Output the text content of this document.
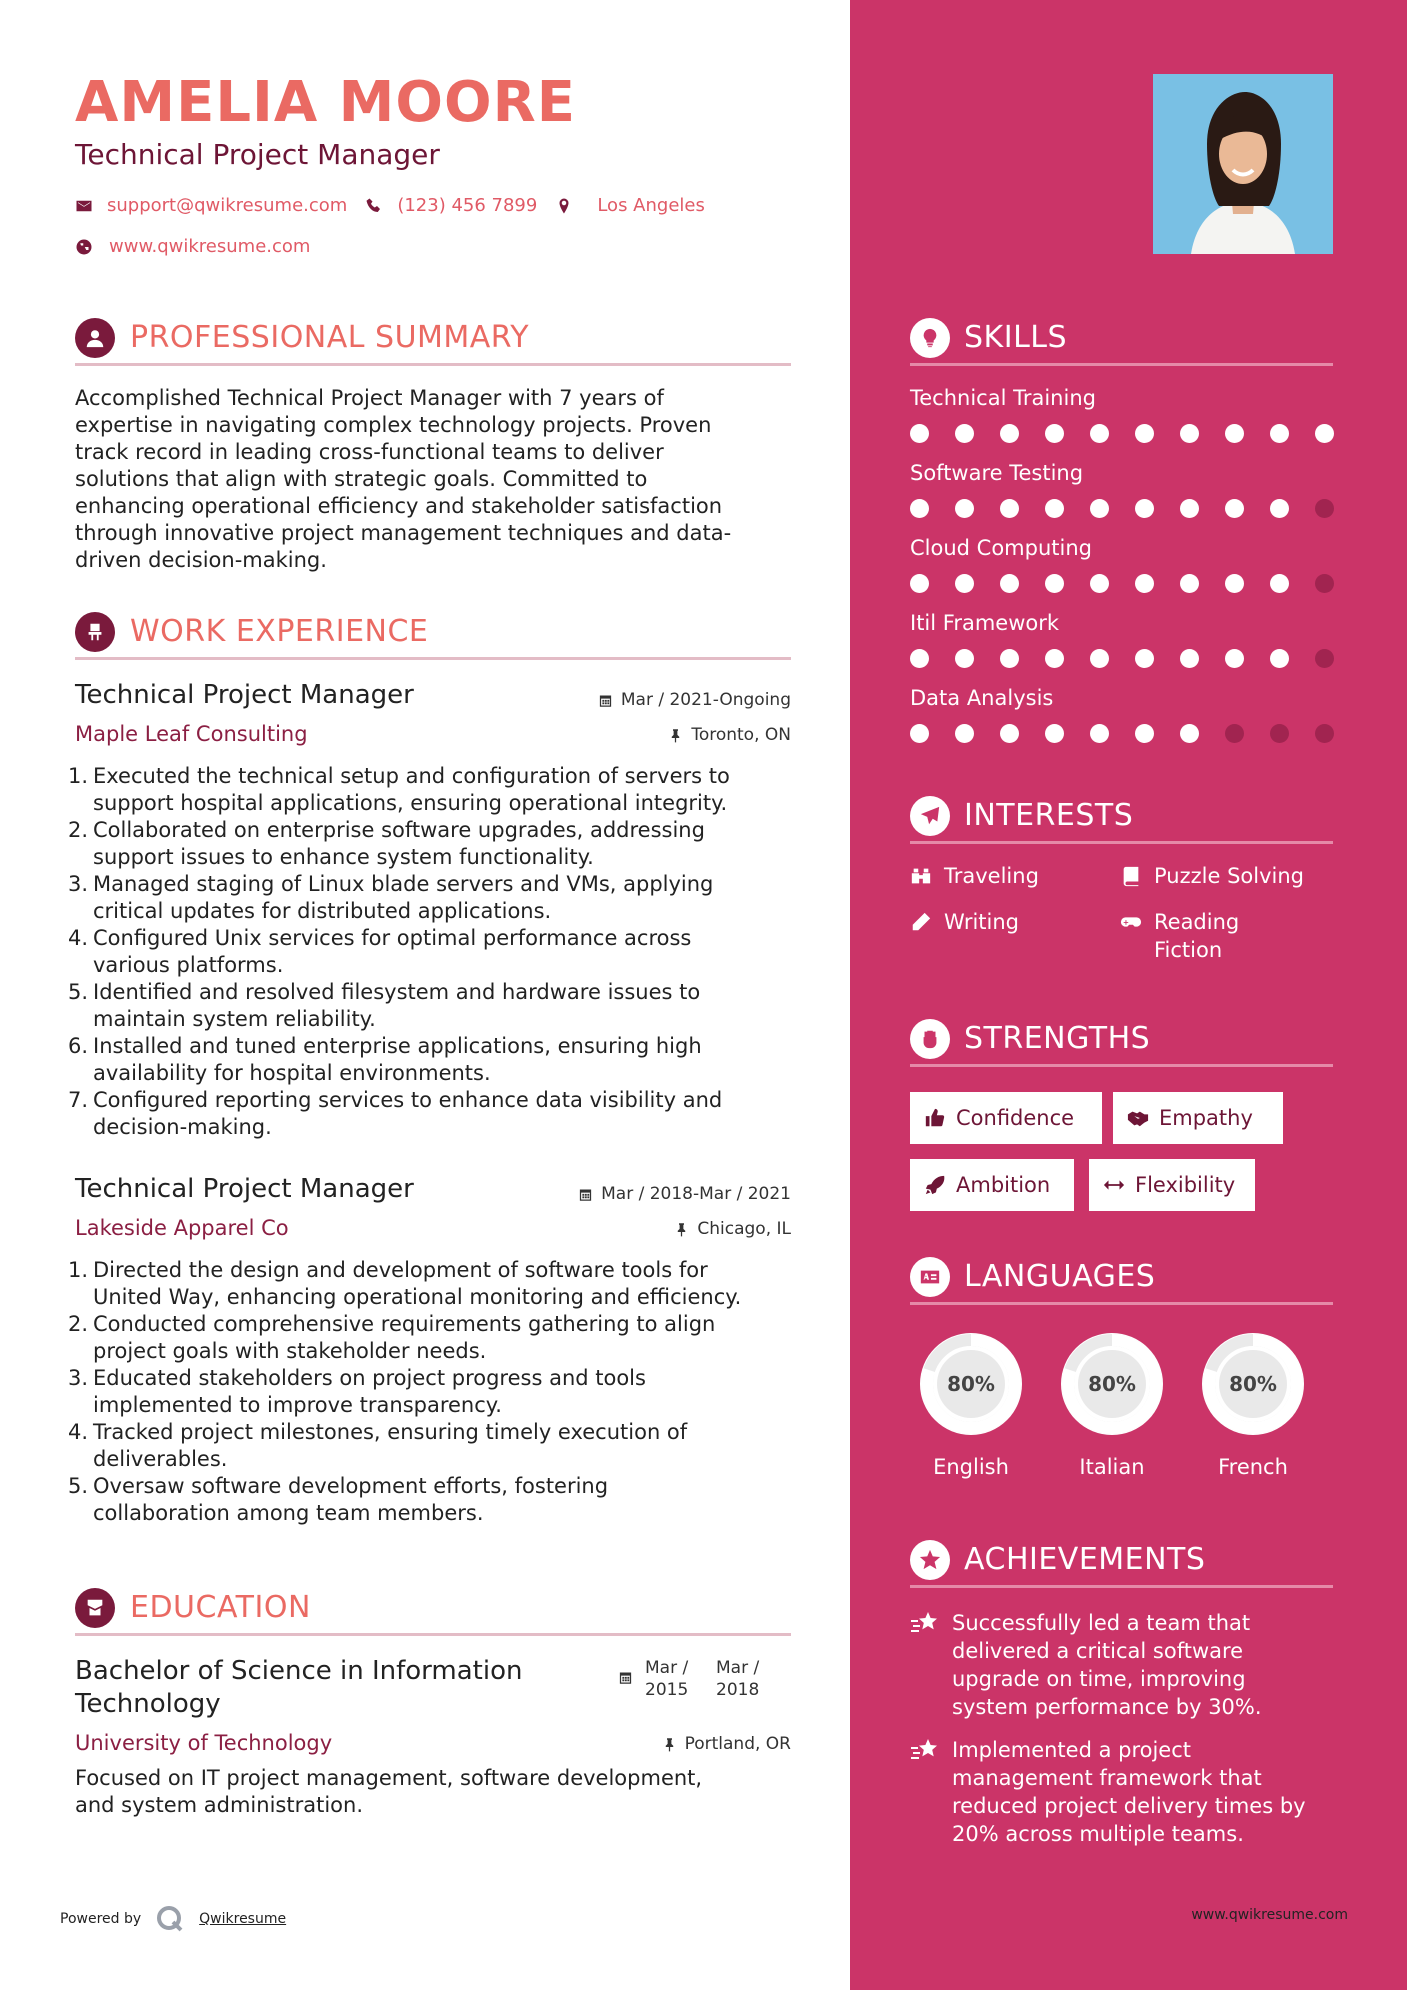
AMELIA MOORE
Technical Project Manager
support@qwikresume.com	(123) 456 7899	Los Angeles
www.qwikresume.com
PROFESSIONAL SUMMARY
Accomplished Technical Project Manager with 7 years of
expertise in navigating complex technology projects. Proven
track record in leading cross-functional teams to deliver
solutions that align with strategic goals. Committed to
enhancing operational efficiency and stakeholder satisfaction
through innovative project management techniques and data-
driven decision-making.
WORK EXPERIENCE
Technical Project Manager	Mar / 2021-Ongoing
Maple Leaf Consulting	Toronto, ON
1. Executed the technical setup and configuration of servers to
support hospital applications, ensuring operational integrity.
2. Collaborated on enterprise software upgrades, addressing
support issues to enhance system functionality.
3. Managed staging of Linux blade servers and VMs, applying
critical updates for distributed applications.
4. Configured Unix services for optimal performance across
various platforms.
5. Identified and resolved filesystem and hardware issues to
maintain system reliability.
6. Installed and tuned enterprise applications, ensuring high
availability for hospital environments.
7. Configured reporting services to enhance data visibility and
decision-making.
Technical Project Manager	Mar / 2018-Mar / 2021
Lakeside Apparel Co	Chicago, IL
1. Directed the design and development of software tools for
United Way, enhancing operational monitoring and efficiency.
2. Conducted comprehensive requirements gathering to align
project goals with stakeholder needs.
3. Educated stakeholders on project progress and tools
implemented to improve transparency.
4. Tracked project milestones, ensuring timely execution of
deliverables.
5. Oversaw software development efforts, fostering
collaboration among team members.
EDUCATION
Bachelor of Science in Information
Technology
Mar /
2015
Mar /
2018
University of Technology	Portland, OR
Focused on IT project management, software development,
and system administration.
Powered by	Qwikresume
SKILLS
Technical Training
Software Testing
Cloud Computing
Itil Framework
Data Analysis
INTERESTS
Traveling	Puzzle Solving
Writing	Reading
Fiction
STRENGTHS
Confidence	Empathy
Ambition	Flexibility
LANGUAGES
80%
English
80%
Italian
80%
French
ACHIEVEMENTS
Successfully led a team that
delivered a critical software
upgrade on time, improving
system performance by 30%.
Implemented a project
management framework that
reduced project delivery times by
20% across multiple teams.
www.qwikresume.com
